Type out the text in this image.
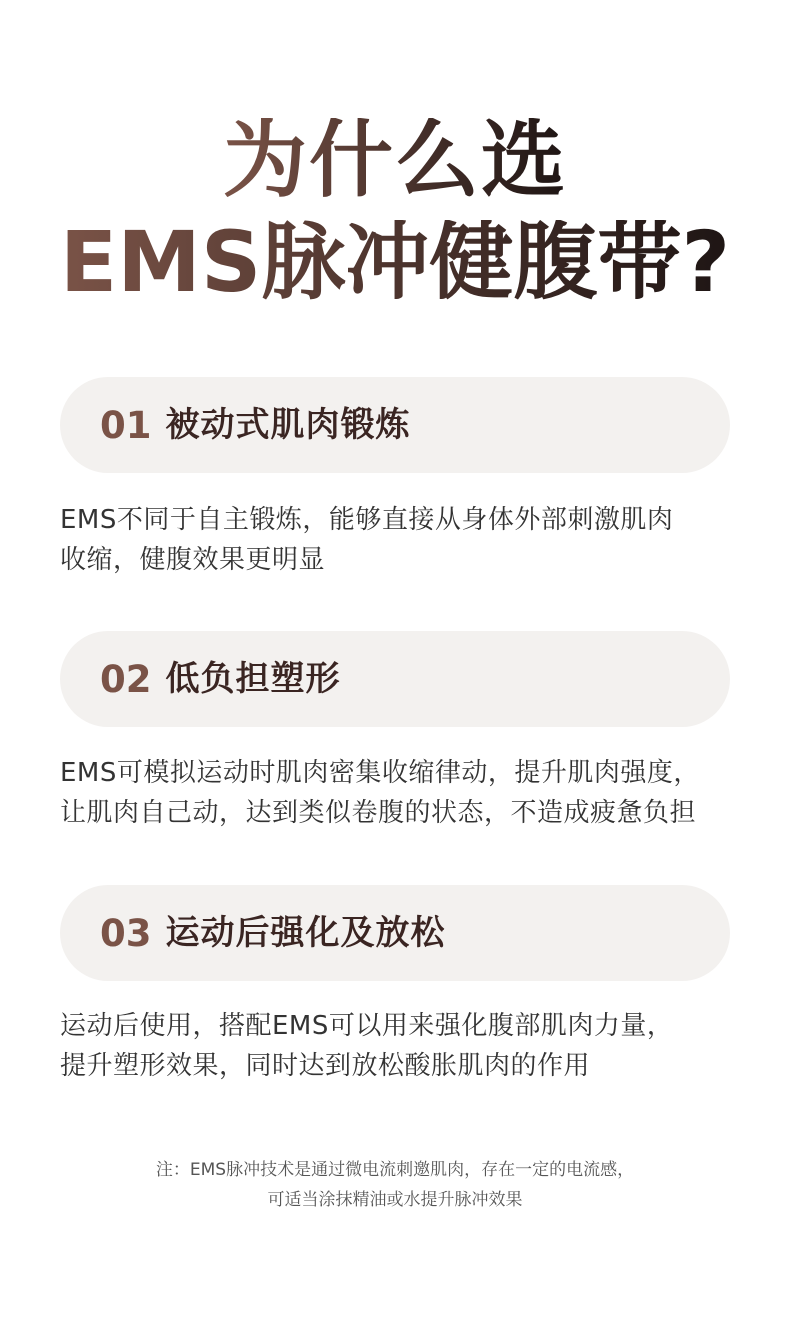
为什么选
EMS脉冲健腹带?
01 被动式肌肉锻炼
EMS不同于自主锻炼，能够直接从身体外部刺激肌肉
收缩，健腹效果更明显
02 低负担塑形
EMS可模拟运动时肌肉密集收缩律动，提升肌肉强度，
让肌肉自己动，达到类似卷腹的状态，不造成疲惫负担
03 运动后强化及放松
运动后使用，搭配EMS可以用来强化腹部肌肉力量，
提升塑形效果，同时达到放松酸胀肌肉的作用
注：EMS脉冲技术是通过微电流刺邀肌肉，存在一定的电流感，
可适当涂抹精油或水提升脉冲效果
